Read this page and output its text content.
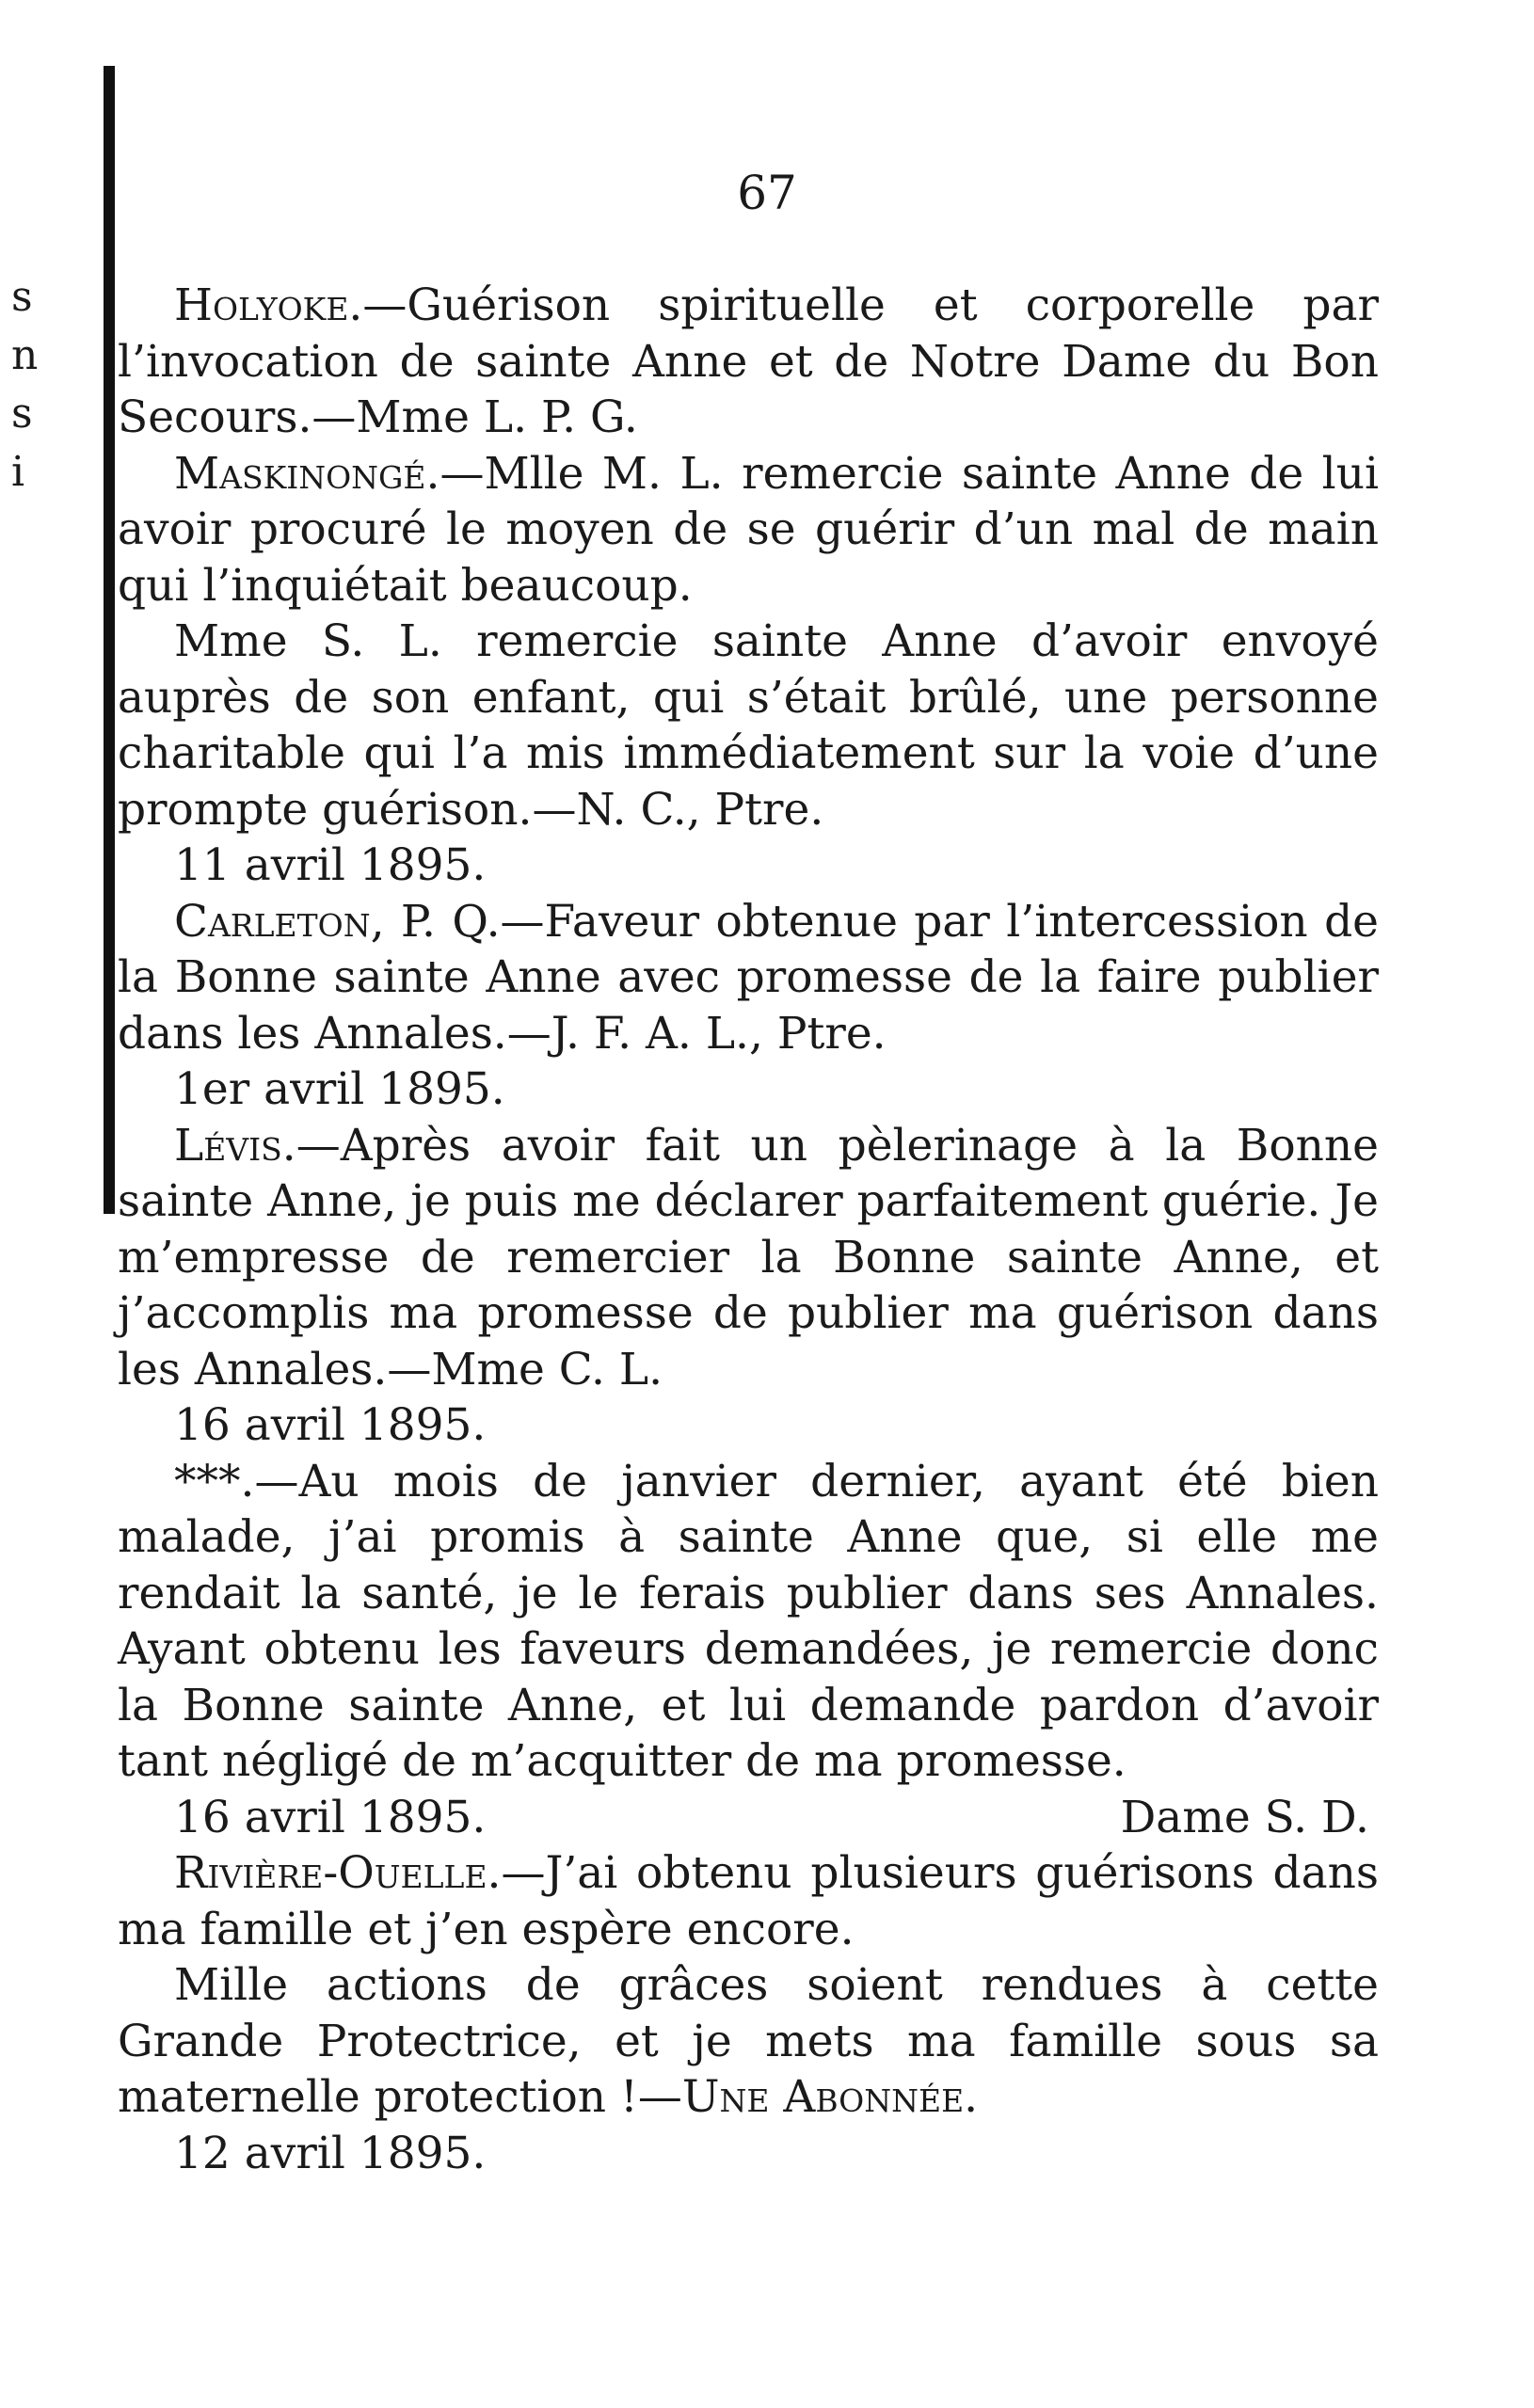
67
s
n
s
i

Holyoke.—Guérison spirituelle et corporelle par l’invocation de sainte Anne et de Notre Dame du Bon Secours.—Mme L. P. G.

Maskinongé.—Mlle M. L. remercie sainte Anne de lui avoir procuré le moyen de se guérir d’un mal de main qui l’inquiétait beaucoup.

Mme S. L. remercie sainte Anne d’avoir envoyé auprès de son enfant, qui s’était brûlé, une personne charitable qui l’a mis immédiatement sur la voie d’une prompte guérison.—N. C., Ptre.

11 avril 1895.

Carleton, P. Q.—Faveur obtenue par l’intercession de la Bonne sainte Anne avec promesse de la faire publier dans les Annales.—J. F. A. L., Ptre.

1er avril 1895.

Lévis.—Après avoir fait un pèlerinage à la Bonne sainte Anne, je puis me déclarer parfaitement guérie. Je m’empresse de remercier la Bonne sainte Anne, et j’accomplis ma promesse de publier ma guérison dans les Annales.—Mme C. L.

16 avril 1895.

***.—Au mois de janvier dernier, ayant été bien malade, j’ai promis à sainte Anne que, si elle me rendait la santé, je le ferais publier dans ses Annales. Ayant obtenu les faveurs demandées, je remercie donc la Bonne sainte Anne, et lui demande pardon d’avoir tant négligé de m’acquitter de ma promesse.

16 avril 1895.	Dame S. D.

Rivière-Ouelle.—J’ai obtenu plusieurs guérisons dans ma famille et j’en espère encore.

Mille actions de grâces soient rendues à cette Grande Protectrice, et je mets ma famille sous sa maternelle protection !—Une Abonnée.

12 avril 1895.
